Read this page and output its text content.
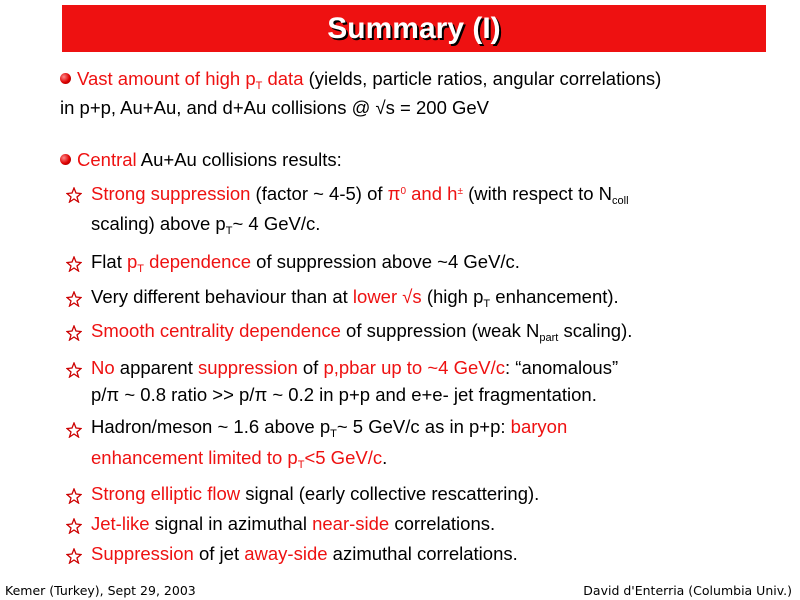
Summary (I)
Vast amount of high $p_T$ data (yields, particle ratios, angular correlations)
in p+p, Au+Au, and d+Au collisions @ √s = 200 GeV
Central Au+Au collisions results:
Strong suppression (factor ~ 4-5) of $\pi^0$ and h± (with respect to $N_{coll}$
scaling) above $p_T\sim$ 4 GeV/c.
Flat $p_T$ dependence of suppression above ~4 GeV/c.
Very different behaviour than at lower √s (high $p_T$ enhancement).
Smooth centrality dependence of suppression (weak $N_{part}$ scaling).
No apparent suppression of p,pbar up to ~4 GeV/c: “anomalous”
p/π ~ 0.8 ratio >> p/π ~ 0.2 in p+p and e+e- jet fragmentation.
Hadron/meson ~ 1.6 above $p_T\sim$ 5 GeV/c as in p+p: baryon
enhancement limited to $p_T<5$ GeV/c.
Strong elliptic flow signal (early collective rescattering).
Jet-like signal in azimuthal near-side correlations.
Suppression of jet away-side azimuthal correlations.
Kemer (Turkey), Sept 29, 2003	David d'Enterria (Columbia Univ.)
